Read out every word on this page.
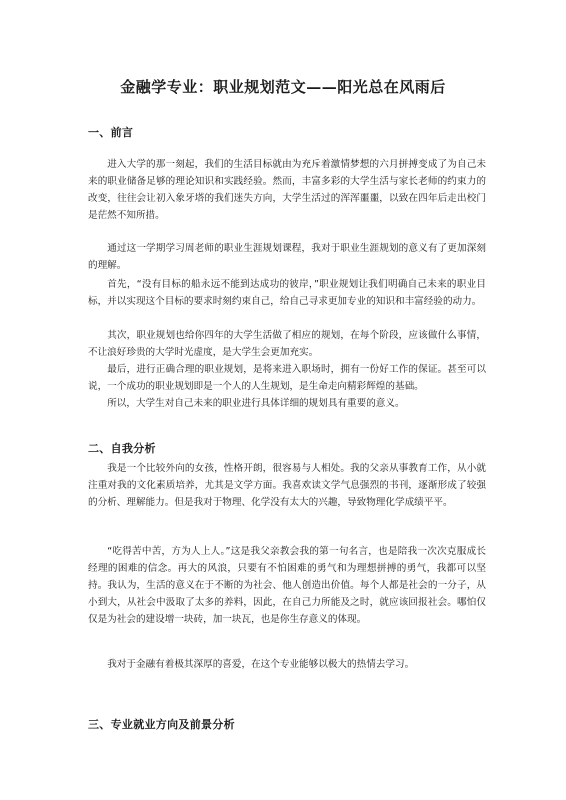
金融学专业：职业规划范文——阳光总在风雨后
一、前言

进入大学的那一刻起，我们的生活目标就由为充斥着激情梦想的六月拼搏变成了为自己未来的职业储备足够的理论知识和实践经验。然而，丰富多彩的大学生活与家长老师的约束力的改变，往往会让初入象牙塔的我们迷失方向，大学生活过的浑浑噩噩，以致在四年后走出校门是茫然不知所措。

通过这一学期学习周老师的职业生涯规划课程，我对于职业生涯规划的意义有了更加深刻的理解。

首先，“没有目标的船永远不能到达成功的彼岸，”职业规划让我们明确自己未来的职业目标，并以实现这个目标的要求时刻约束自己，给自己寻求更加专业的知识和丰富经验的动力。

其次，职业规划也给你四年的大学生活做了相应的规划，在每个阶段，应该做什么事情，不让浪好珍贵的大学时光虚度，是大学生会更加充实。

最后，进行正确合理的职业规划，是将来进入职场时，拥有一份好工作的保证。甚至可以说，一个成功的职业规划即是一个人的人生规划，是生命走向精彩辉煌的基础。

所以，大学生对自己未来的职业进行具体详细的规划具有重要的意义。

二、自我分析

我是一个比较外向的女孩，性格开朗，很容易与人相处。我的父亲从事教育工作，从小就注重对我的文化素质培养，尤其是文学方面。我喜欢读文学气息强烈的书刊，逐渐形成了较强的分析、理解能力。但是我对于物理、化学没有太大的兴趣，导致物理化学成绩平平。

“吃得苦中苦，方为人上人。”这是我父亲教会我的第一句名言，也是陪我一次次克服成长经理的困难的信念。再大的风浪，只要有不怕困难的勇气和为理想拼搏的勇气，我都可以坚持。我认为，生活的意义在于不断的为社会、他人创造出价值。每个人都是社会的一分子，从小到大，从社会中汲取了太多的养料，因此，在自己力所能及之时，就应该回报社会。哪怕仅仅是为社会的建设增一块砖，加一块瓦，也是你生存意义的体现。

我对于金融有着极其深厚的喜爱，在这个专业能够以极大的热情去学习。

三、专业就业方向及前景分析
